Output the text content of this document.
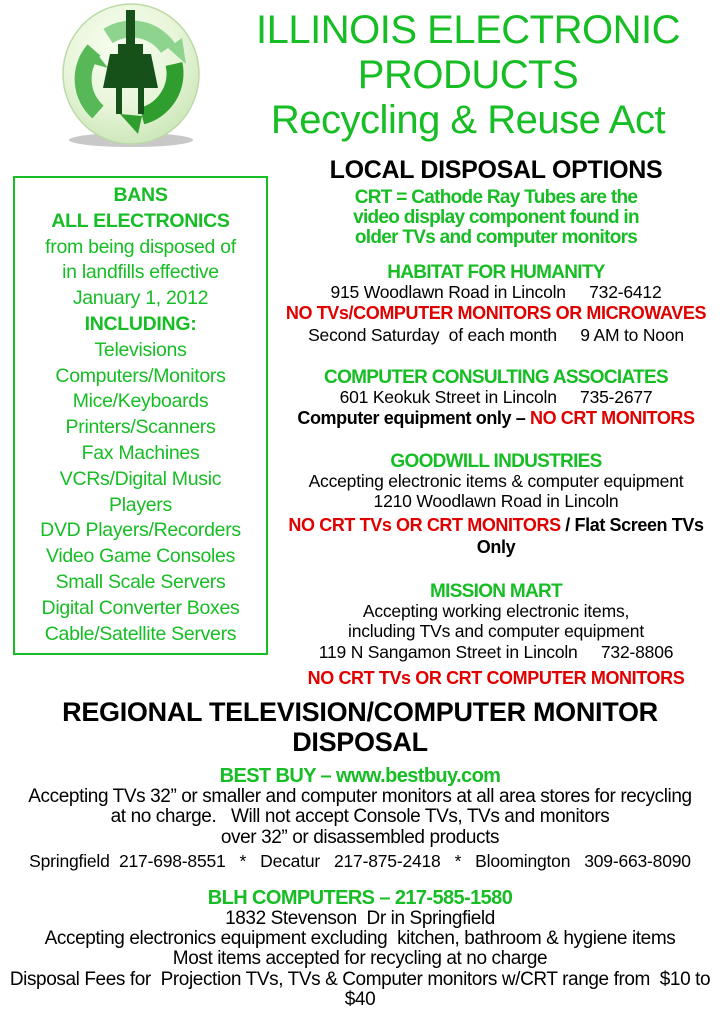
ILLINOIS ELECTRONIC
PRODUCTS
Recycling & Reuse Act
BANS
ALL ELECTRONICS
from being disposed of
in landfills effective
January 1, 2012
INCLUDING:
Televisions
Computers/Monitors
Mice/Keyboards
Printers/Scanners
Fax Machines
VCRs/Digital Music
Players
DVD Players/Recorders
Video Game Consoles
Small Scale Servers
Digital Converter Boxes
Cable/Satellite Servers
LOCAL DISPOSAL OPTIONS
CRT = Cathode Ray Tubes are the
video display component found in
older TVs and computer monitors
HABITAT FOR HUMANITY
915 Woodlawn Road in Lincoln     732-6412
NO TVs/COMPUTER MONITORS OR MICROWAVES
Second Saturday  of each month     9 AM to Noon
COMPUTER CONSULTING ASSOCIATES
601 Keokuk Street in Lincoln     735-2677
Computer equipment only – NO CRT MONITORS
GOODWILL INDUSTRIES
Accepting electronic items & computer equipment
1210 Woodlawn Road in Lincoln
NO CRT TVs OR CRT MONITORS / Flat Screen TVs Only
MISSION MART
Accepting working electronic items,
including TVs and computer equipment
119 N Sangamon Street in Lincoln     732-8806
NO CRT TVs OR CRT COMPUTER MONITORS
REGIONAL TELEVISION/COMPUTER MONITOR DISPOSAL
BEST BUY – www.bestbuy.com
Accepting TVs 32” or smaller and computer monitors at all area stores for recycling
at no charge.   Will not accept Console TVs, TVs and monitors
over 32” or disassembled products
Springfield  217-698-8551   *   Decatur   217-875-2418   *   Bloomington   309-663-8090
BLH COMPUTERS – 217-585-1580
1832 Stevenson  Dr in Springfield
Accepting electronics equipment excluding  kitchen, bathroom & hygiene items
Most items accepted for recycling at no charge
Disposal Fees for  Projection TVs, TVs & Computer monitors w/CRT range from  $10 to $40
